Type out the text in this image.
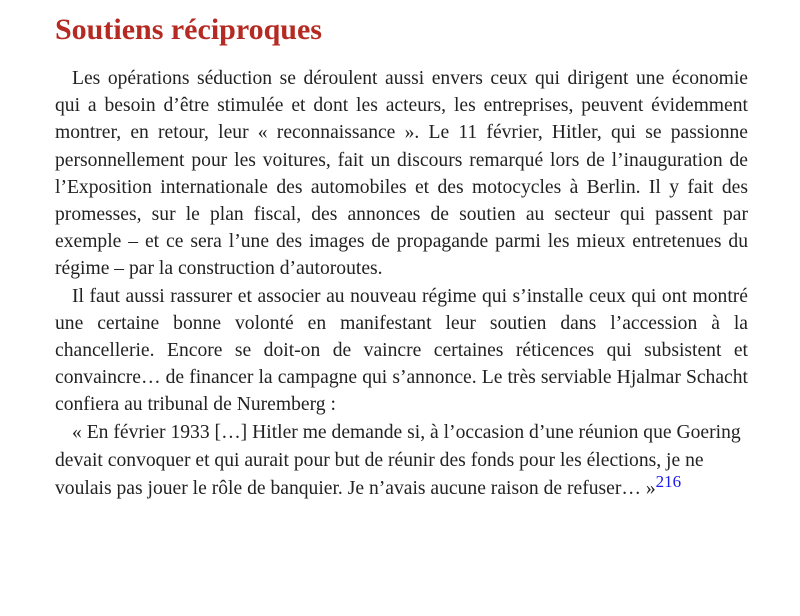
Soutiens réciproques

Les opérations séduction se déroulent aussi envers ceux qui dirigent une économie qui a besoin d’être stimulée et dont les acteurs, les entreprises, peuvent évidemment montrer, en retour, leur « reconnaissance ». Le 11 février, Hitler, qui se passionne personnellement pour les voitures, fait un discours remarqué lors de l’inauguration de l’Exposition internationale des automobiles et des motocycles à Berlin. Il y fait des promesses, sur le plan fiscal, des annonces de soutien au secteur qui passent par exemple – et ce sera l’une des images de propagande parmi les mieux entretenues du régime – par la construction d’autoroutes.

Il faut aussi rassurer et associer au nouveau régime qui s’installe ceux qui ont montré une certaine bonne volonté en manifestant leur soutien dans l’accession à la chancellerie. Encore se doit-on de vaincre certaines réticences qui subsistent et convaincre… de financer la campagne qui s’annonce. Le très serviable Hjalmar Schacht confiera au tribunal de Nuremberg :

« En février 1933 […] Hitler me demande si, à l’occasion d’une réunion que Goering devait convoquer et qui aurait pour but de réunir des fonds pour les élections, je ne voulais pas jouer le rôle de banquier. Je n’avais aucune raison de refuser… »216
